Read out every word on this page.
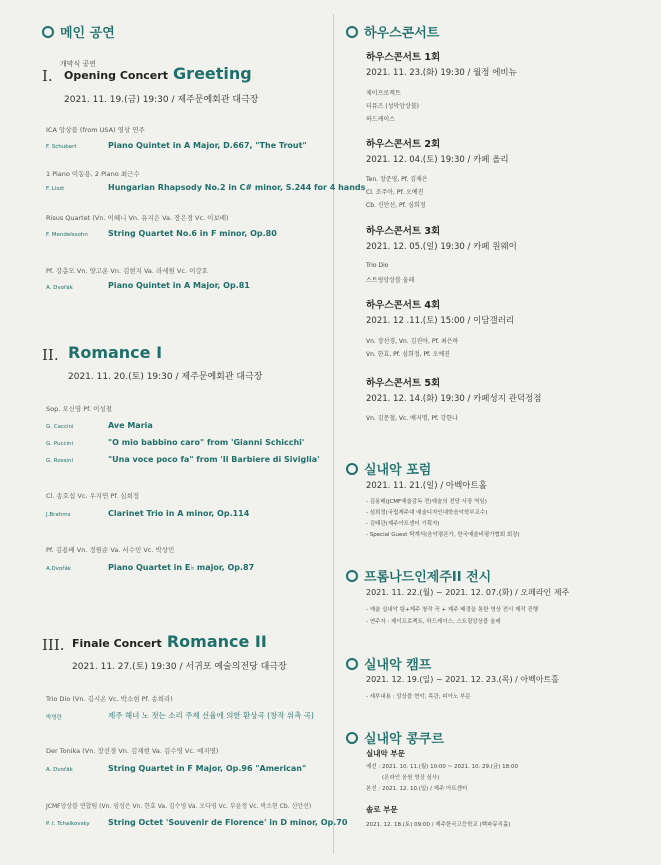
메인 공연
개막식 공연
I. Opening Concert Greeting
2021. 11. 19.(금) 19:30 / 제주문예회관 대극장
ICA 앙상블 (from USA) 영상 연주
F. Schubert	Piano Quintet in A Major, D.667, "The Trout"
1 Piano 이동용, 2 Piano 최근수
F. Liszt	Hungarian Rhapsody No.2 in C# minor, S.244 for 4 hands
Risus Quartet (Vn. 이혜니 Vn. 유지은 Va. 장은경 Vc. 이보배)
F. Mendelssohn	String Quartet No.6 in F minor, Op.80
Pf. 강총모 Vn. 양고운 Vn. 김현지 Va. 라세원 Vc. 이강호
A. Dvořák	Piano Quintet in A Major, Op.81
II. Romance I
2021. 11. 20.(토) 19:30 / 제주문예회관 대극장
Sop. 오신영 Pf. 이성철
G. Caccini	Ave Maria
G. Puccini	"O mio babbino caro" from 'Gianni Schicchi'
G. Rossini	"Una voce poco fa" from 'Il Barbiere di Siviglia'
Cl. 송호섭 Vc. 우지연 Pf. 심희정
J.Brahms	Clarinet Trio in A minor, Op.114
Pf. 김용배 Vn. 정원순 Va. 서수민 Vc. 박상민
A.Dvořák	Piano Quartet in E♭ major, Op.87
III. Finale Concert Romance II
2021. 11. 27.(토) 19:30 / 서귀포 예술의전당 대극장
Trio Dio (Vn. 김시온 Vc. 박소현 Pf. 송희라)
박영란	제주 해녀 노 젓는 소리 주제 선율에 의한 환상곡 (창작 위촉 곡)
Der Tonika (Vn. 장선경 Vn. 김재현 Va. 김수영 Vc. 예지명)
A. Dvořák	String Quartet in F Major, Op.96 "American"
JCMF앙상블 연합팀 (Vn. 임성은 Vn. 한효 Va. 김수영 Va. 오다영 Vc. 부윤정 Vc. 박소현 Cb. 신안선)
P. I. Tchaikovsky String Octet 'Souvenir de Florence' in D minor, Op.70
하우스콘서트
하우스콘서트 1회
2021. 11. 23.(화) 19:30 / 월정 에비뉴
제이프로젝트
더뮤즈 (성악앙상블)
하드케이스
하우스콘서트 2회
2021. 12. 04.(토) 19:30 / 카페 올리
Ten. 장준영, Pf. 김채은
Cl. 조주아, Pf. 오예진
Cb. 신안선, Pf. 심희정
하우스콘서트 3회
2021. 12. 05.(일) 19:30 / 카페 원웨이
Trio Dio
스트링앙상블 울레
하우스콘서트 4회
2021. 12 .11.(토) 15:00 / 이담갤러리
Vn. 장선경, Vn. 김진아, Pf. 최은하
Vn. 한효, Pf. 심희정, Pf. 오예진
하우스콘서트 5회
2021. 12. 14.(화) 19:30 / 카페성지 관덕정점
Vn. 김문철, Vc. 예지명, Pf. 강한나
실내악 포럼
2021. 11. 21.(일) / 아벡아트홀
- 김용배(JCMF예술감독 전)예술의 전당 사장 역임)
- 심희정(국립제주대 예술디자인대학음악학부교수)
- 김태관(제주아트센터 기획자)
- Special Guest 탁계석(음악평론가, 한국예술비평가협회 회장)
프롬나드인제주II 전시
2021. 11. 22.(월) ~ 2021. 12. 07.(화) / 오페라인 제주
- 예술 실내악 팀+제주 창작 곡 + 제주 배경을 통한 영상 전시 제작 진행
- 연주자 : 제이프로젝트, 하드케이스, 스트링앙상블 울레
실내악 캠프
2021. 12. 19.(일) ~ 2021. 12. 23.(목) / 아벡아트홀
- 세부내용 : 앙상블 현악, 목관, 피아노 부문
실내악 콩쿠르
실내악 부문
예선 : 2021. 10. 11.(월) 10:00 ~ 2021. 10. 29.(금) 18:00
(온라인 음원 영상 심사)
본선 : 2021. 12. 10.(일) / 제주 아트센터
솔로 부문
2021. 12. 18.(토) 09:00 / 제주한국고등학교 (백파뮤직홀)
